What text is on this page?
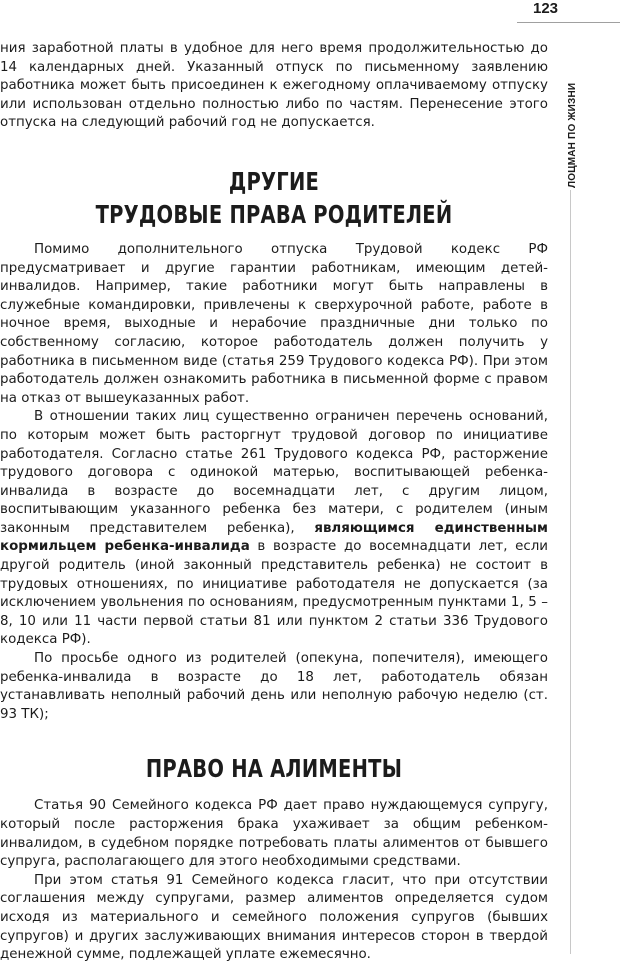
123
ЛОЦМАН ПО ЖИЗНИ

ния заработной платы в удобное для него время продолжительностью до 14 календарных дней. Указанный отпуск по письменному заявлению работника может быть присоединен к ежегодному оплачиваемому отпуску или использован отдельно полностью либо по частям. Перенесение этого отпуска на следующий рабочий год не допускается.

ДРУГИЕ
ТРУДОВЫЕ ПРАВА РОДИТЕЛЕЙ

Помимо дополнительного отпуска Трудовой кодекс РФ предусматривает и другие гарантии работникам, имеющим детей-инвалидов. Например, такие работники могут быть направлены в служебные командировки, привлечены к сверхурочной работе, работе в ночное время, выходные и нерабочие праздничные дни только по собственному согласию, которое работодатель должен получить у работника в письменном виде (статья 259 Трудового кодекса РФ). При этом работодатель должен ознакомить работника в письменной форме с правом на отказ от вышеуказанных работ.

В отношении таких лиц существенно ограничен перечень оснований, по которым может быть расторгнут трудовой договор по инициативе работодателя. Согласно статье 261 Трудового кодекса РФ, расторжение трудового договора с одинокой матерью, воспитывающей ребенка-инвалида в возрасте до восемнадцати лет, с другим лицом, воспитывающим указанного ребенка без матери, с родителем (иным законным представителем ребенка), являющимся единственным кормильцем ребенка-инвалида в возрасте до восемнадцати лет, если другой родитель (иной законный представитель ребенка) не состоит в трудовых отношениях, по инициативе работодателя не допускается (за исключением увольнения по основаниям, предусмотренным пунктами 1, 5 – 8, 10 или 11 части первой статьи 81 или пунктом 2 статьи 336 Трудового кодекса РФ).

По просьбе одного из родителей (опекуна, попечителя), имеющего ребенка-инвалида в возрасте до 18 лет, работодатель обязан устанавливать неполный рабочий день или неполную рабочую неделю (ст. 93 ТК);

ПРАВО НА АЛИМЕНТЫ

Статья 90 Семейного кодекса РФ дает право нуждающемуся супругу, который после расторжения брака ухаживает за общим ребенком-инвалидом, в судебном порядке потребовать платы алиментов от бывшего супруга, располагающего для этого необходимыми средствами.

При этом статья 91 Семейного кодекса гласит, что при отсутствии соглашения между супругами, размер алиментов определяется судом исходя из материального и семейного положения супругов (бывших супругов) и других заслуживающих внимания интересов сторон в твердой денежной сумме, подлежащей уплате ежемесячно.
